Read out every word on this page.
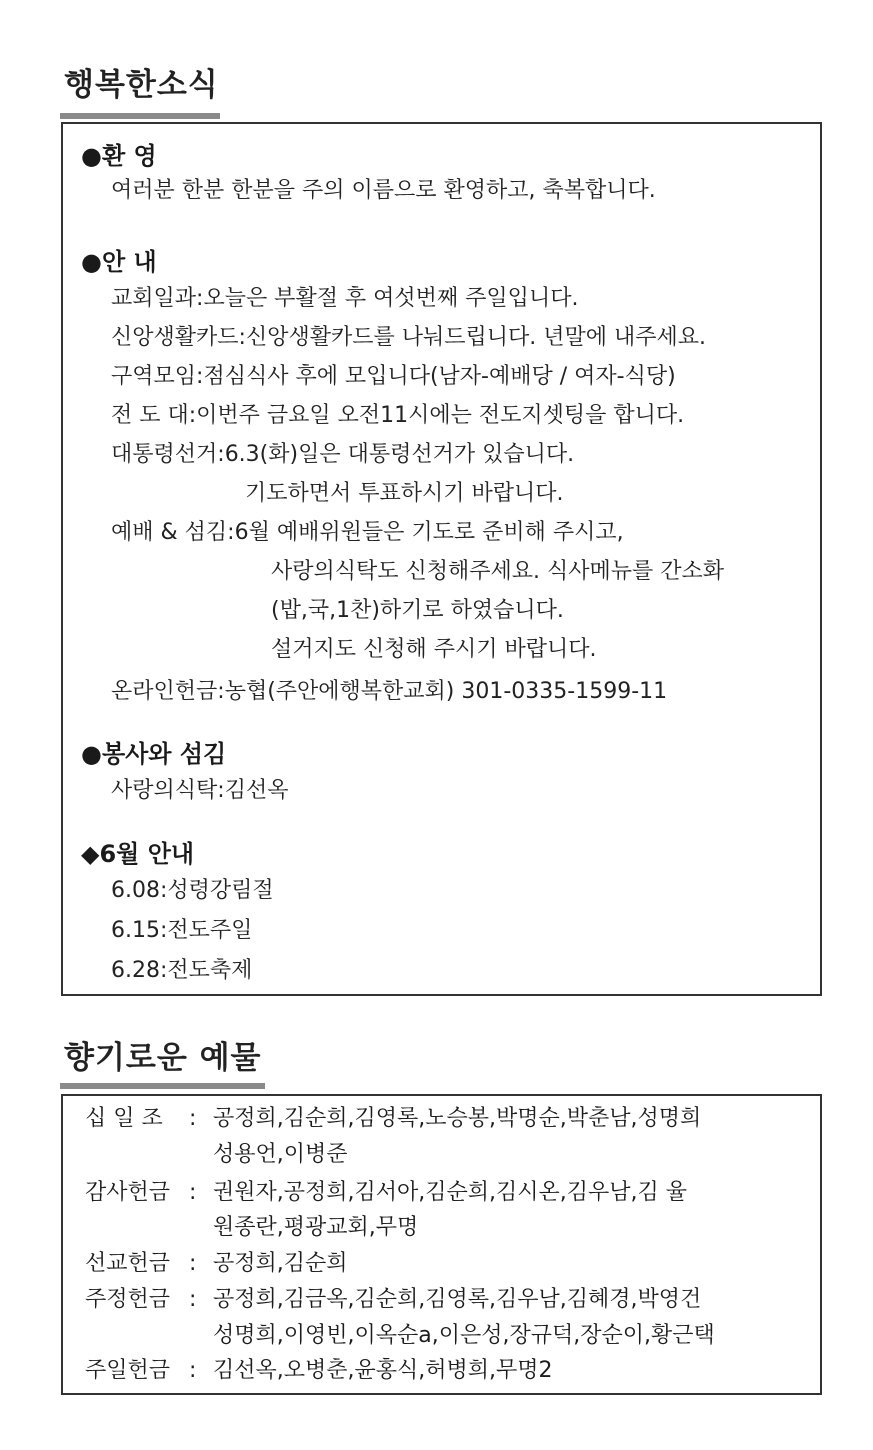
행복한소식
●환 영
여러분 한분 한분을 주의 이름으로 환영하고, 축복합니다.
●안 내
교회일과:오늘은 부활절 후 여섯번째 주일입니다.
신앙생활카드:신앙생활카드를 나눠드립니다. 년말에 내주세요.
구역모임:점심식사 후에 모입니다(남자-예배당 / 여자-식당)
전 도 대:이번주 금요일 오전11시에는 전도지셋팅을 합니다.
대통령선거:6.3(화)일은 대통령선거가 있습니다.
기도하면서 투표하시기 바랍니다.
예배 & 섬김:6월 예배위원들은 기도로 준비해 주시고,
사랑의식탁도 신청해주세요. 식사메뉴를 간소화
(밥,국,1찬)하기로 하였습니다.
설거지도 신청해 주시기 바랍니다.
온라인헌금:농협(주안에행복한교회) 301-0335-1599-11
●봉사와 섬김
사랑의식탁:김선옥
◆6월 안내
6.08:성령강림절
6.15:전도주일
6.28:전도축제
향기로운 예물
십 일 조 : 공정희,김순희,김영록,노승봉,박명순,박춘남,성명희
성용언,이병준
감사헌금 : 권원자,공정희,김서아,김순희,김시온,김우남,김 율
원종란,평광교회,무명
선교헌금 : 공정희,김순희
주정헌금 : 공정희,김금옥,김순희,김영록,김우남,김혜경,박영건
성명희,이영빈,이옥순a,이은성,장규덕,장순이,황근택
주일헌금 : 김선옥,오병춘,윤홍식,허병희,무명2
